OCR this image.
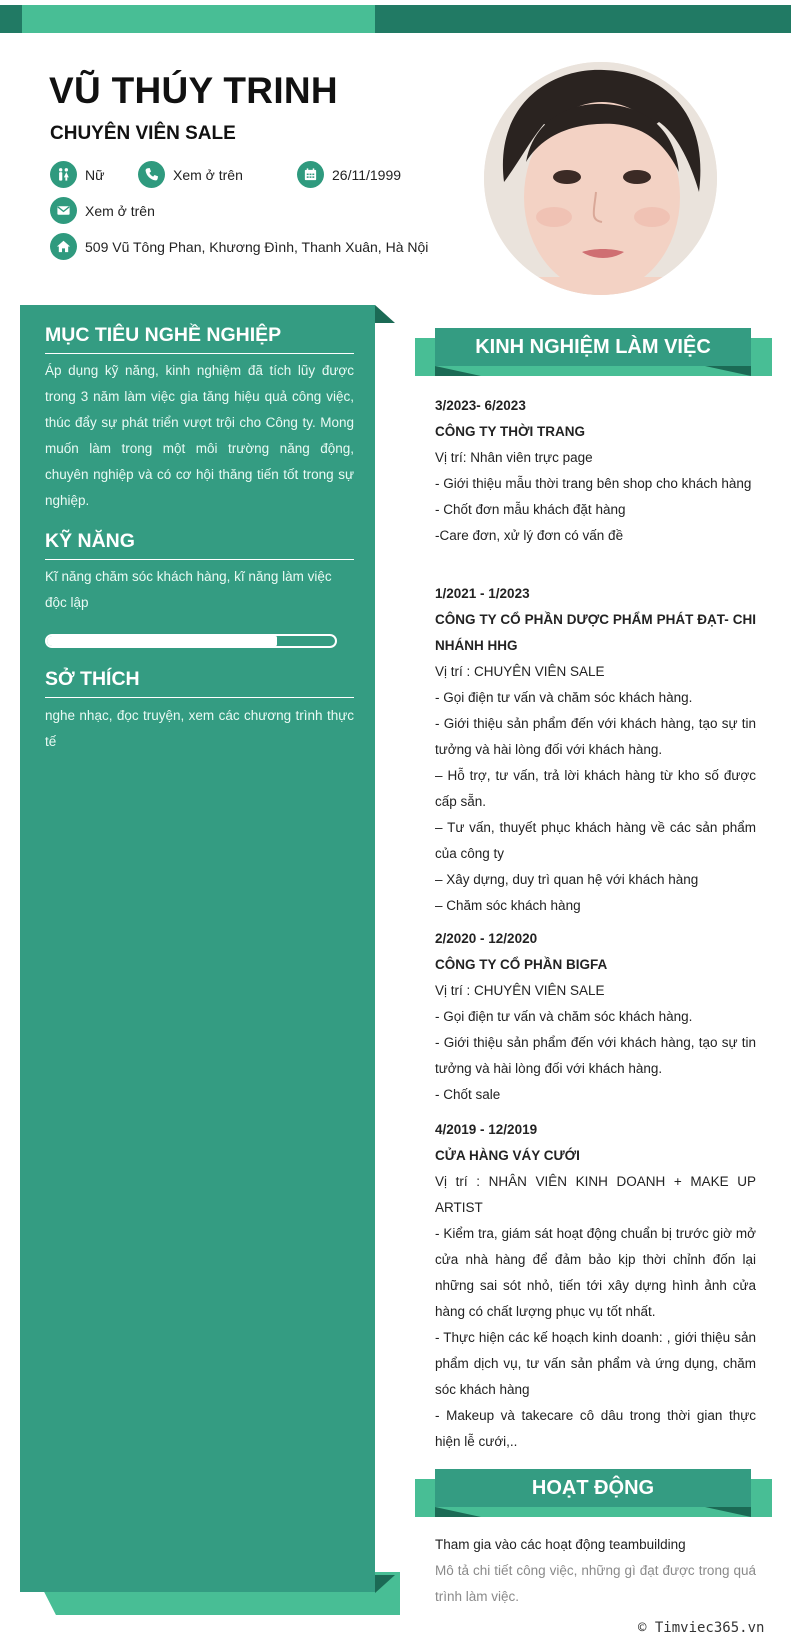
VŨ THÚY TRINH
CHUYÊN VIÊN SALE
Nữ	Xem ở trên	26/11/1999
Xem ở trên
509 Vũ Tông Phan, Khương Đình, Thanh Xuân, Hà Nội
MỤC TIÊU NGHỀ NGHIỆP
Áp dụng kỹ năng, kinh nghiệm đã tích lũy được trong 3 năm làm việc gia tăng hiệu quả công việc, thúc đẩy sự phát triển vượt trội cho Công ty. Mong muốn làm trong một môi trường năng động, chuyên nghiệp và có cơ hội thăng tiến tốt trong sự nghiệp.
KỸ NĂNG
Kĩ năng chăm sóc khách hàng, kĩ năng làm việc độc lập
SỞ THÍCH
nghe nhạc, đọc truyện, xem các chương trình thực tế
KINH NGHIỆM LÀM VIỆC
3/2023- 6/2023
CÔNG TY THỜI TRANG
Vị trí: Nhân viên trực page
- Giới thiệu mẫu thời trang bên shop cho khách hàng
- Chốt đơn mẫu khách đặt hàng
-Care đơn, xử lý đơn có vấn đề
1/2021 - 1/2023
CÔNG TY CỔ PHẦN DƯỢC PHẨM PHÁT ĐẠT- CHI NHÁNH HHG
Vị trí : CHUYÊN VIÊN SALE
- Gọi điện tư vấn và chăm sóc khách hàng.
- Giới thiệu sản phẩm đến với khách hàng, tạo sự tin tưởng và hài lòng đối với khách hàng.
– Hỗ trợ, tư vấn, trả lời khách hàng từ kho số được cấp sẵn.
– Tư vấn, thuyết phục khách hàng về các sản phẩm của công ty
– Xây dựng, duy trì quan hệ với khách hàng
– Chăm sóc khách hàng
2/2020 - 12/2020
CÔNG TY CỔ PHẦN BIGFA
Vị trí : CHUYÊN VIÊN SALE
- Gọi điện tư vấn và chăm sóc khách hàng.
- Giới thiệu sản phẩm đến với khách hàng, tạo sự tin tưởng và hài lòng đối với khách hàng.
- Chốt sale
4/2019 - 12/2019
CỬA HÀNG VÁY CƯỚI
Vị trí : NHÂN VIÊN KINH DOANH + MAKE UP ARTIST
- Kiểm tra, giám sát hoạt động chuẩn bị trước giờ mở cửa nhà hàng để đảm bảo kịp thời chỉnh đốn lại những sai sót nhỏ, tiến tới xây dựng hình ảnh cửa hàng có chất lượng phục vụ tốt nhất.
- Thực hiện các kế hoạch kinh doanh: , giới thiệu sản phẩm dịch vụ, tư vấn sản phẩm và ứng dụng, chăm sóc khách hàng
- Makeup và takecare cô dâu trong thời gian thực hiện lễ cưới,..
HOẠT ĐỘNG
Tham gia vào các hoạt động teambuilding
Mô tả chi tiết công việc, những gì đạt được trong quá trình làm việc.
© Timviec365.vn
